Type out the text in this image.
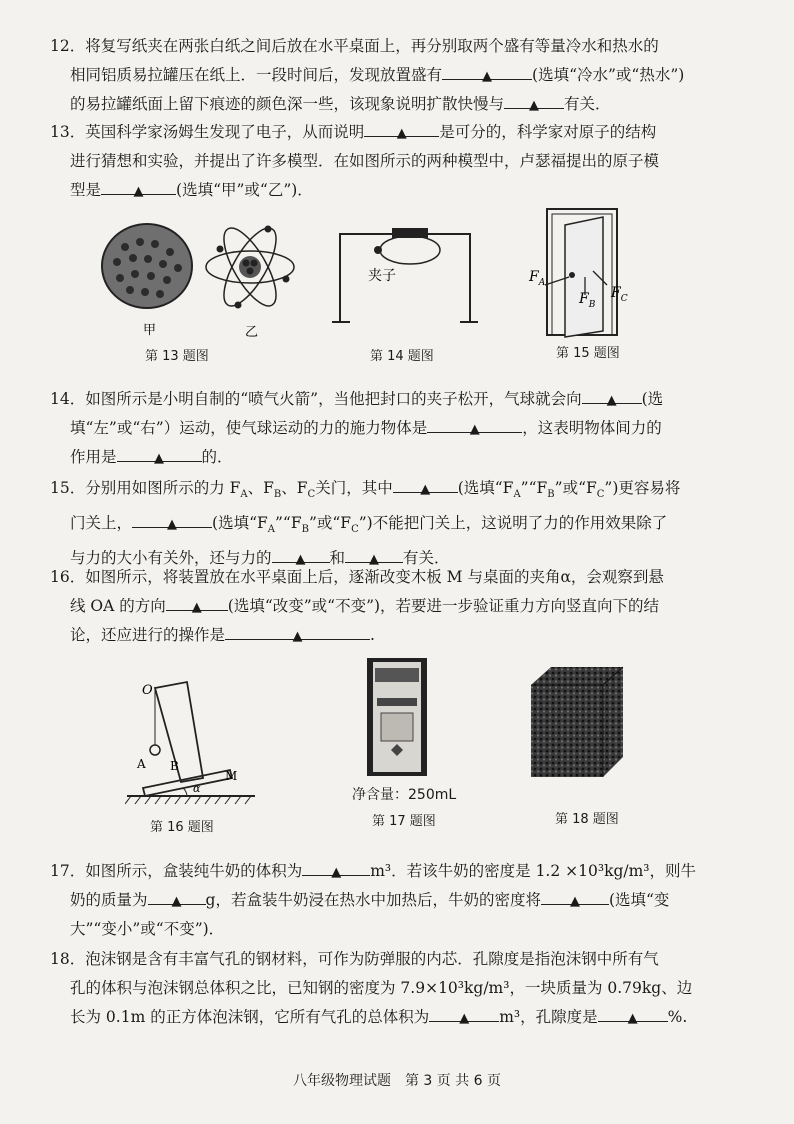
12．将复写纸夹在两张白纸之间后放在水平桌面上，再分别取两个盛有等量冷水和热水的

相同铝质易拉罐压在纸上．一段时间后，发现放置盛有	▲	(选填“冷水”或“热水”)

的易拉罐纸面上留下痕迹的颜色深一些，该现象说明扩散快慢与 ▲ 有关．

13．英国科学家汤姆生发现了电子，从而说明	▲ 是可分的，科学家对原子的结构

进行猜想和实验，并提出了许多模型．在如图所示的两种模型中，卢瑟福提出的原子模

型是	▲ (选填“甲”或“乙”)．

甲	乙
第 13 题图
夹子
第 14 题图
$F_A$
$F_B$
$F_C$
第 15 题图

14．如图所示是小明自制的“喷气火箭”，当他把封口的夹子松开，气球就会向 ▲ (选

填“左”或“右”）运动，使气球运动的力的施力物体是	▲	，这表明物体间力的

作用是	▲ 的．

15．分别用如图所示的力 $F_A$、$F_B$、$F_C$关门，其中 ▲ (选填“$F_A”“F_B$”或“$F_C$”)更容易将

门关上，	▲ (选填“$F_A”“F_B$”或“$F_C$”)不能把门关上，这说明了力的作用效果除了

与力的大小有关外，还与力的 ▲ 和 ▲ 有关．

16．如图所示，将装置放在水平桌面上后，逐渐改变木板 M 与桌面的夹角α，会观察到悬

线 OA 的方向 ▲ (选填“改变”或“不变”)，若要进一步验证重力方向竖直向下的结

论，还应进行的操作是	▲	.

O
A B
M
α
第 16 题图
净含量：250mL
第 17 题图	第 18 题图

17．如图所示，盒装纯牛奶的体积为 ▲ m³．若该牛奶的密度是 1.2 ×10³kg/m³，则牛

奶的质量为 ▲ g，若盒装牛奶浸在热水中加热后，牛奶的密度将 ▲ (选填“变

大”“变小”或“不变”)．

18．泡沫钢是含有丰富气孔的钢材料，可作为防弹服的内芯．孔隙度是指泡沫钢中所有气

孔的体积与泡沫钢总体积之比，已知钢的密度为 7.9×10³kg/m³，一块质量为 0.79kg、边

长为 0.1m 的正方体泡沫钢，它所有气孔的总体积为 ▲ m³，孔隙度是 ▲ %.

八年级物理试题　第 3 页 共 6 页
